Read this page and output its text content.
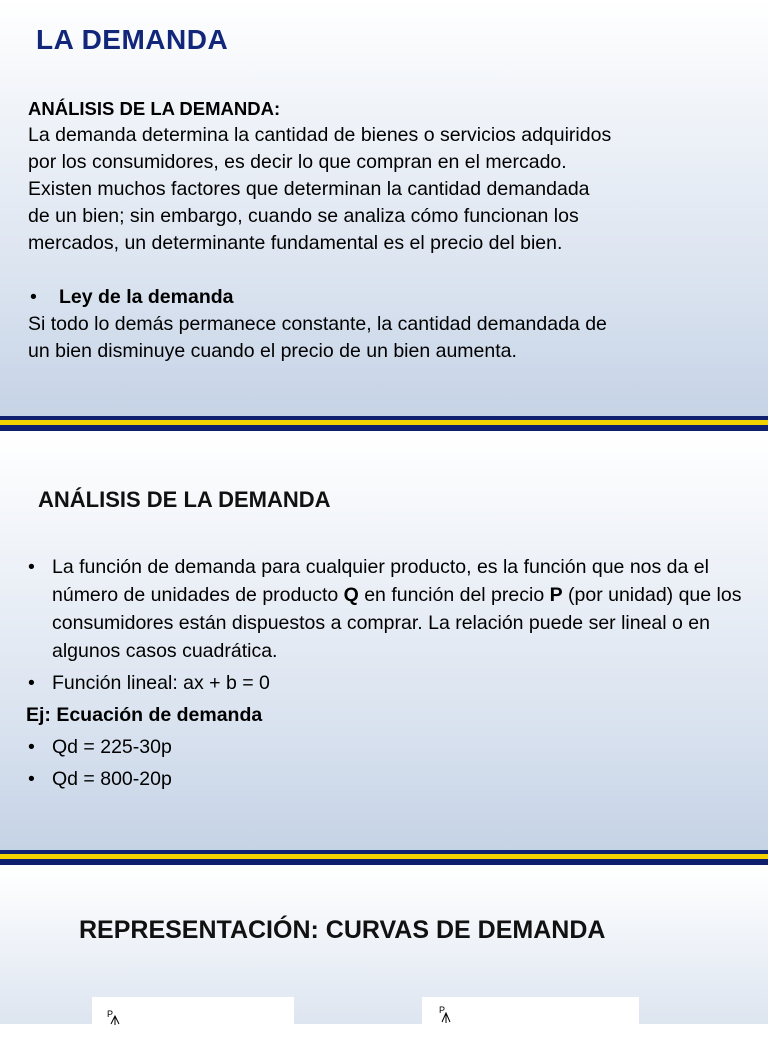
LA DEMANDA

ANÁLISIS DE LA DEMANDA:

La demanda determina la cantidad de bienes o servicios adquiridos

por los consumidores, es decir lo que compran en el mercado.

Existen muchos factores que determinan la cantidad demandada

de un bien; sin embargo, cuando se analiza cómo funcionan los

mercados, un determinante fundamental es el precio del bien.

•	Ley de la demanda

Si todo lo demás permanece constante, la cantidad demandada de

un bien disminuye cuando el precio de un bien aumenta.

ANÁLISIS DE LA DEMANDA
• La función de demanda para cualquier producto, es la función que nos da el número de unidades de producto Q en función del precio P (por unidad) que los consumidores están dispuestos a comprar. La relación puede ser lineal o en algunos casos cuadrática.
• Función lineal: ax + b = 0
Ej: Ecuación de demanda
• Qd = 225-30p
• Qd = 800-20p
REPRESENTACIÓN: CURVAS DE DEMANDA
P	P
